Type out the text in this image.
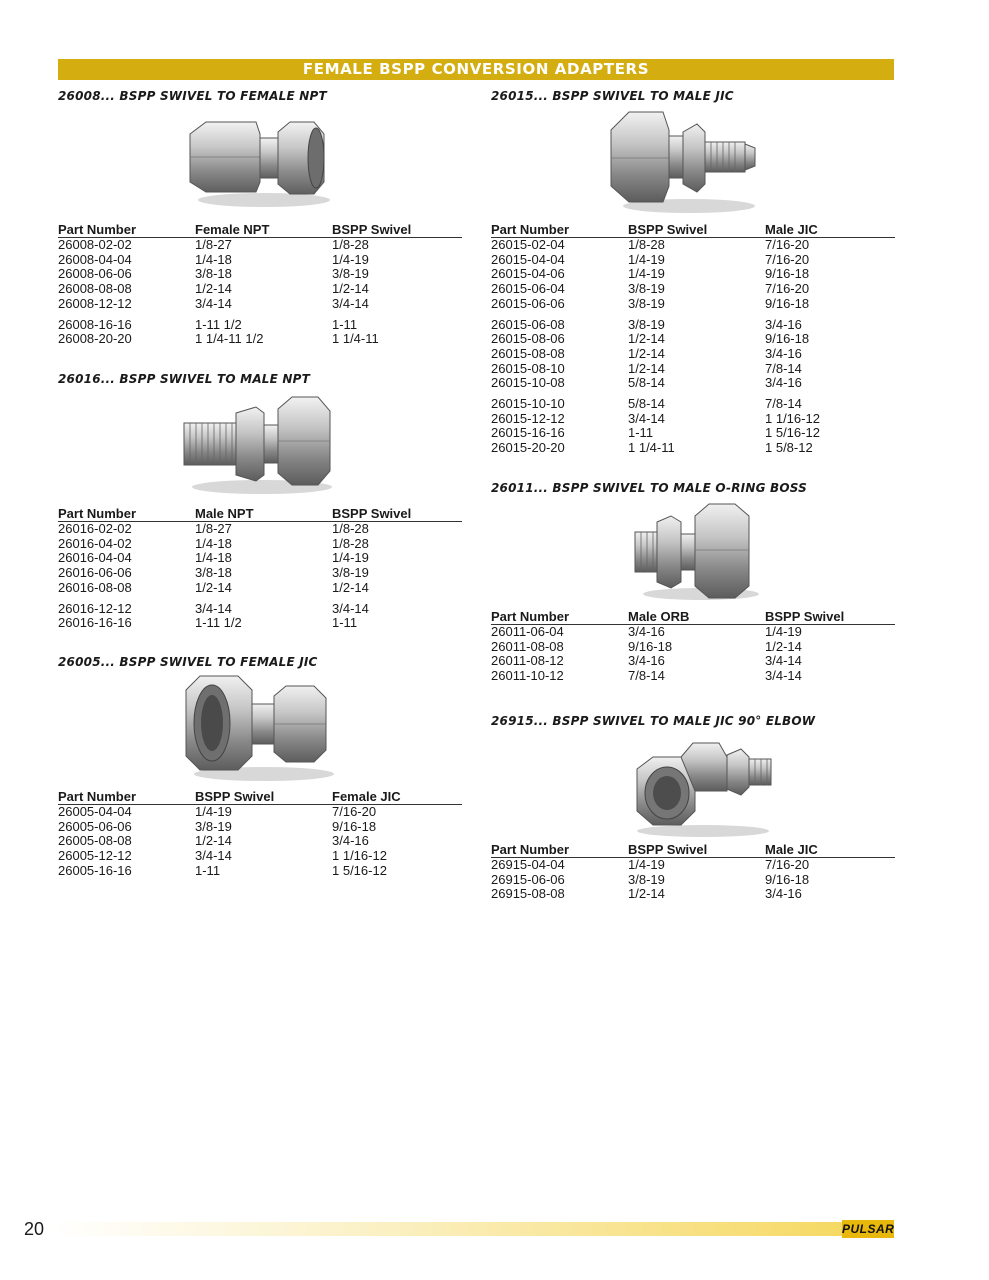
FEMALE BSPP CONVERSION ADAPTERS
26008... BSPP SWIVEL TO FEMALE NPT
Part Number	Female NPT	BSPP Swivel
26008-02-02	1/8-27	1/8-28
26008-04-04	1/4-18	1/4-19
26008-06-06	3/8-18	3/8-19
26008-08-08	1/2-14	1/2-14
26008-12-12	3/4-14	3/4-14
26008-16-16	1-11 1/2	1-11
26008-20-20	1 1/4-11 1/2	1 1/4-11
26016... BSPP SWIVEL TO MALE NPT
Part Number	Male NPT	BSPP Swivel
26016-02-02	1/8-27	1/8-28
26016-04-02	1/4-18	1/8-28
26016-04-04	1/4-18	1/4-19
26016-06-06	3/8-18	3/8-19
26016-08-08	1/2-14	1/2-14
26016-12-12	3/4-14	3/4-14
26016-16-16	1-11 1/2	1-11
26005... BSPP SWIVEL TO FEMALE JIC
Part Number	BSPP Swivel	Female JIC
26005-04-04	1/4-19	7/16-20
26005-06-06	3/8-19	9/16-18
26005-08-08	1/2-14	3/4-16
26005-12-12	3/4-14	1 1/16-12
26005-16-16	1-11	1 5/16-12
26015... BSPP SWIVEL TO MALE JIC
Part Number	BSPP Swivel	Male JIC
26015-02-04	1/8-28	7/16-20
26015-04-04	1/4-19	7/16-20
26015-04-06	1/4-19	9/16-18
26015-06-04	3/8-19	7/16-20
26015-06-06	3/8-19	9/16-18
26015-06-08	3/8-19	3/4-16
26015-08-06	1/2-14	9/16-18
26015-08-08	1/2-14	3/4-16
26015-08-10	1/2-14	7/8-14
26015-10-08	5/8-14	3/4-16
26015-10-10	5/8-14	7/8-14
26015-12-12	3/4-14	1 1/16-12
26015-16-16	1-11	1 5/16-12
26015-20-20	1 1/4-11	1 5/8-12
26011... BSPP SWIVEL TO MALE O-RING BOSS
Part Number	Male ORB	BSPP Swivel
26011-06-04	3/4-16	1/4-19
26011-08-08	9/16-18	1/2-14
26011-08-12	3/4-16	3/4-14
26011-10-12	7/8-14	3/4-14
26915... BSPP SWIVEL TO MALE JIC 90° ELBOW
Part Number	BSPP Swivel	Male JIC
26915-04-04	1/4-19	7/16-20
26915-06-06	3/8-19	9/16-18
26915-08-08	1/2-14	3/4-16
20	PULSAR
